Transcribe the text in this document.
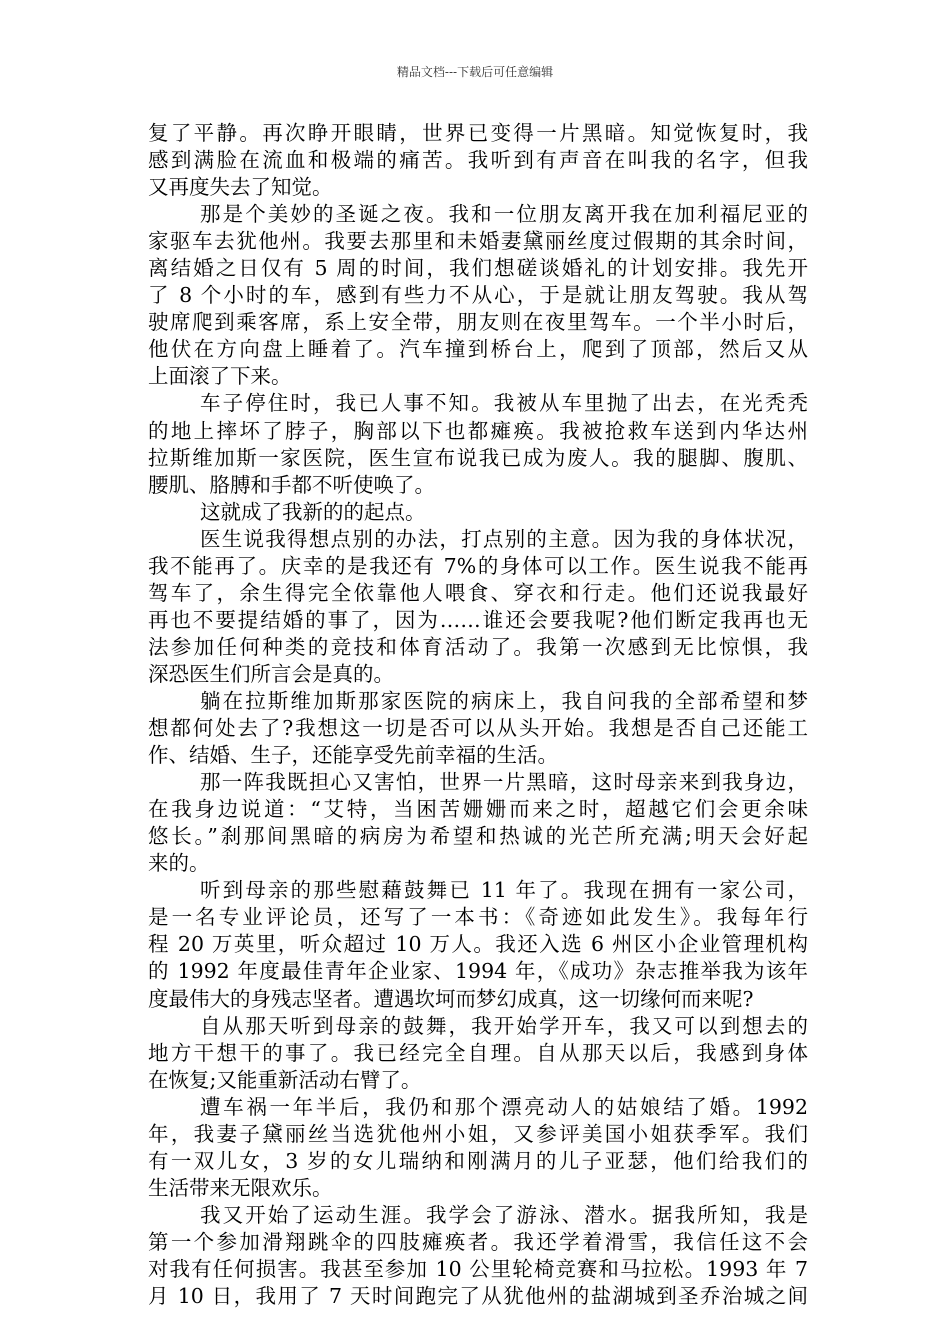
精品文档---下载后可任意编辑
复了平静。再次睁开眼睛，世界已变得一片黑暗。知觉恢复时，我
感到满脸在流血和极端的痛苦。我听到有声音在叫我的名字，但我
又再度失去了知觉。
那是个美妙的圣诞之夜。我和一位朋友离开我在加利福尼亚的
家驱车去犹他州。我要去那里和未婚妻黛丽丝度过假期的其余时间，
离结婚之日仅有 5 周的时间，我们想磋谈婚礼的计划安排。我先开
了 8 个小时的车，感到有些力不从心，于是就让朋友驾驶。我从驾
驶席爬到乘客席，系上安全带，朋友则在夜里驾车。一个半小时后，
他伏在方向盘上睡着了。汽车撞到桥台上，爬到了顶部，然后又从
上面滚了下来。
车子停住时，我已人事不知。我被从车里抛了出去，在光秃秃
的地上摔坏了脖子，胸部以下也都瘫痪。我被抢救车送到内华达州
拉斯维加斯一家医院，医生宣布说我已成为废人。我的腿脚、腹肌、
腰肌、胳膊和手都不听使唤了。
这就成了我新的的起点。
医生说我得想点别的办法，打点别的主意。因为我的身体状况，
我不能再了。庆幸的是我还有 7%的身体可以工作。医生说我不能再
驾车了，余生得完全依靠他人喂食、穿衣和行走。他们还说我最好
再也不要提结婚的事了，因为……谁还会要我呢?他们断定我再也无
法参加任何种类的竞技和体育活动了。我第一次感到无比惊惧，我
深恐医生们所言会是真的。
躺在拉斯维加斯那家医院的病床上，我自问我的全部希望和梦
想都何处去了?我想这一切是否可以从头开始。我想是否自己还能工
作、结婚、生子，还能享受先前幸福的生活。
那一阵我既担心又害怕，世界一片黑暗，这时母亲来到我身边，
在我身边说道：“艾特，当困苦姗姗而来之时，超越它们会更余味
悠长。”刹那间黑暗的病房为希望和热诚的光芒所充满;明天会好起
来的。
听到母亲的那些慰藉鼓舞已 11 年了。我现在拥有一家公司，
是一名专业评论员，还写了一本书：《奇迹如此发生》。我每年行
程 20 万英里，听众超过 10 万人。我还入选 6 州区小企业管理机构
的 1992 年度最佳青年企业家、1994 年，《成功》杂志推举我为该年
度最伟大的身残志坚者。遭遇坎坷而梦幻成真，这一切缘何而来呢?
自从那天听到母亲的鼓舞，我开始学开车，我又可以到想去的
地方干想干的事了。我已经完全自理。自从那天以后，我感到身体
在恢复;又能重新活动右臂了。
遭车祸一年半后，我仍和那个漂亮动人的姑娘结了婚。1992
年，我妻子黛丽丝当选犹他州小姐，又参评美国小姐获季军。我们
有一双儿女，3 岁的女儿瑞纳和刚满月的儿子亚瑟，他们给我们的
生活带来无限欢乐。
我又开始了运动生涯。我学会了游泳、潜水。据我所知，我是
第一个参加滑翔跳伞的四肢瘫痪者。我还学着滑雪，我信任这不会
对我有任何损害。我甚至参加 10 公里轮椅竞赛和马拉松。1993 年 7
月 10 日，我用了 7 天时间跑完了从犹他州的盐湖城到圣乔治城之间
